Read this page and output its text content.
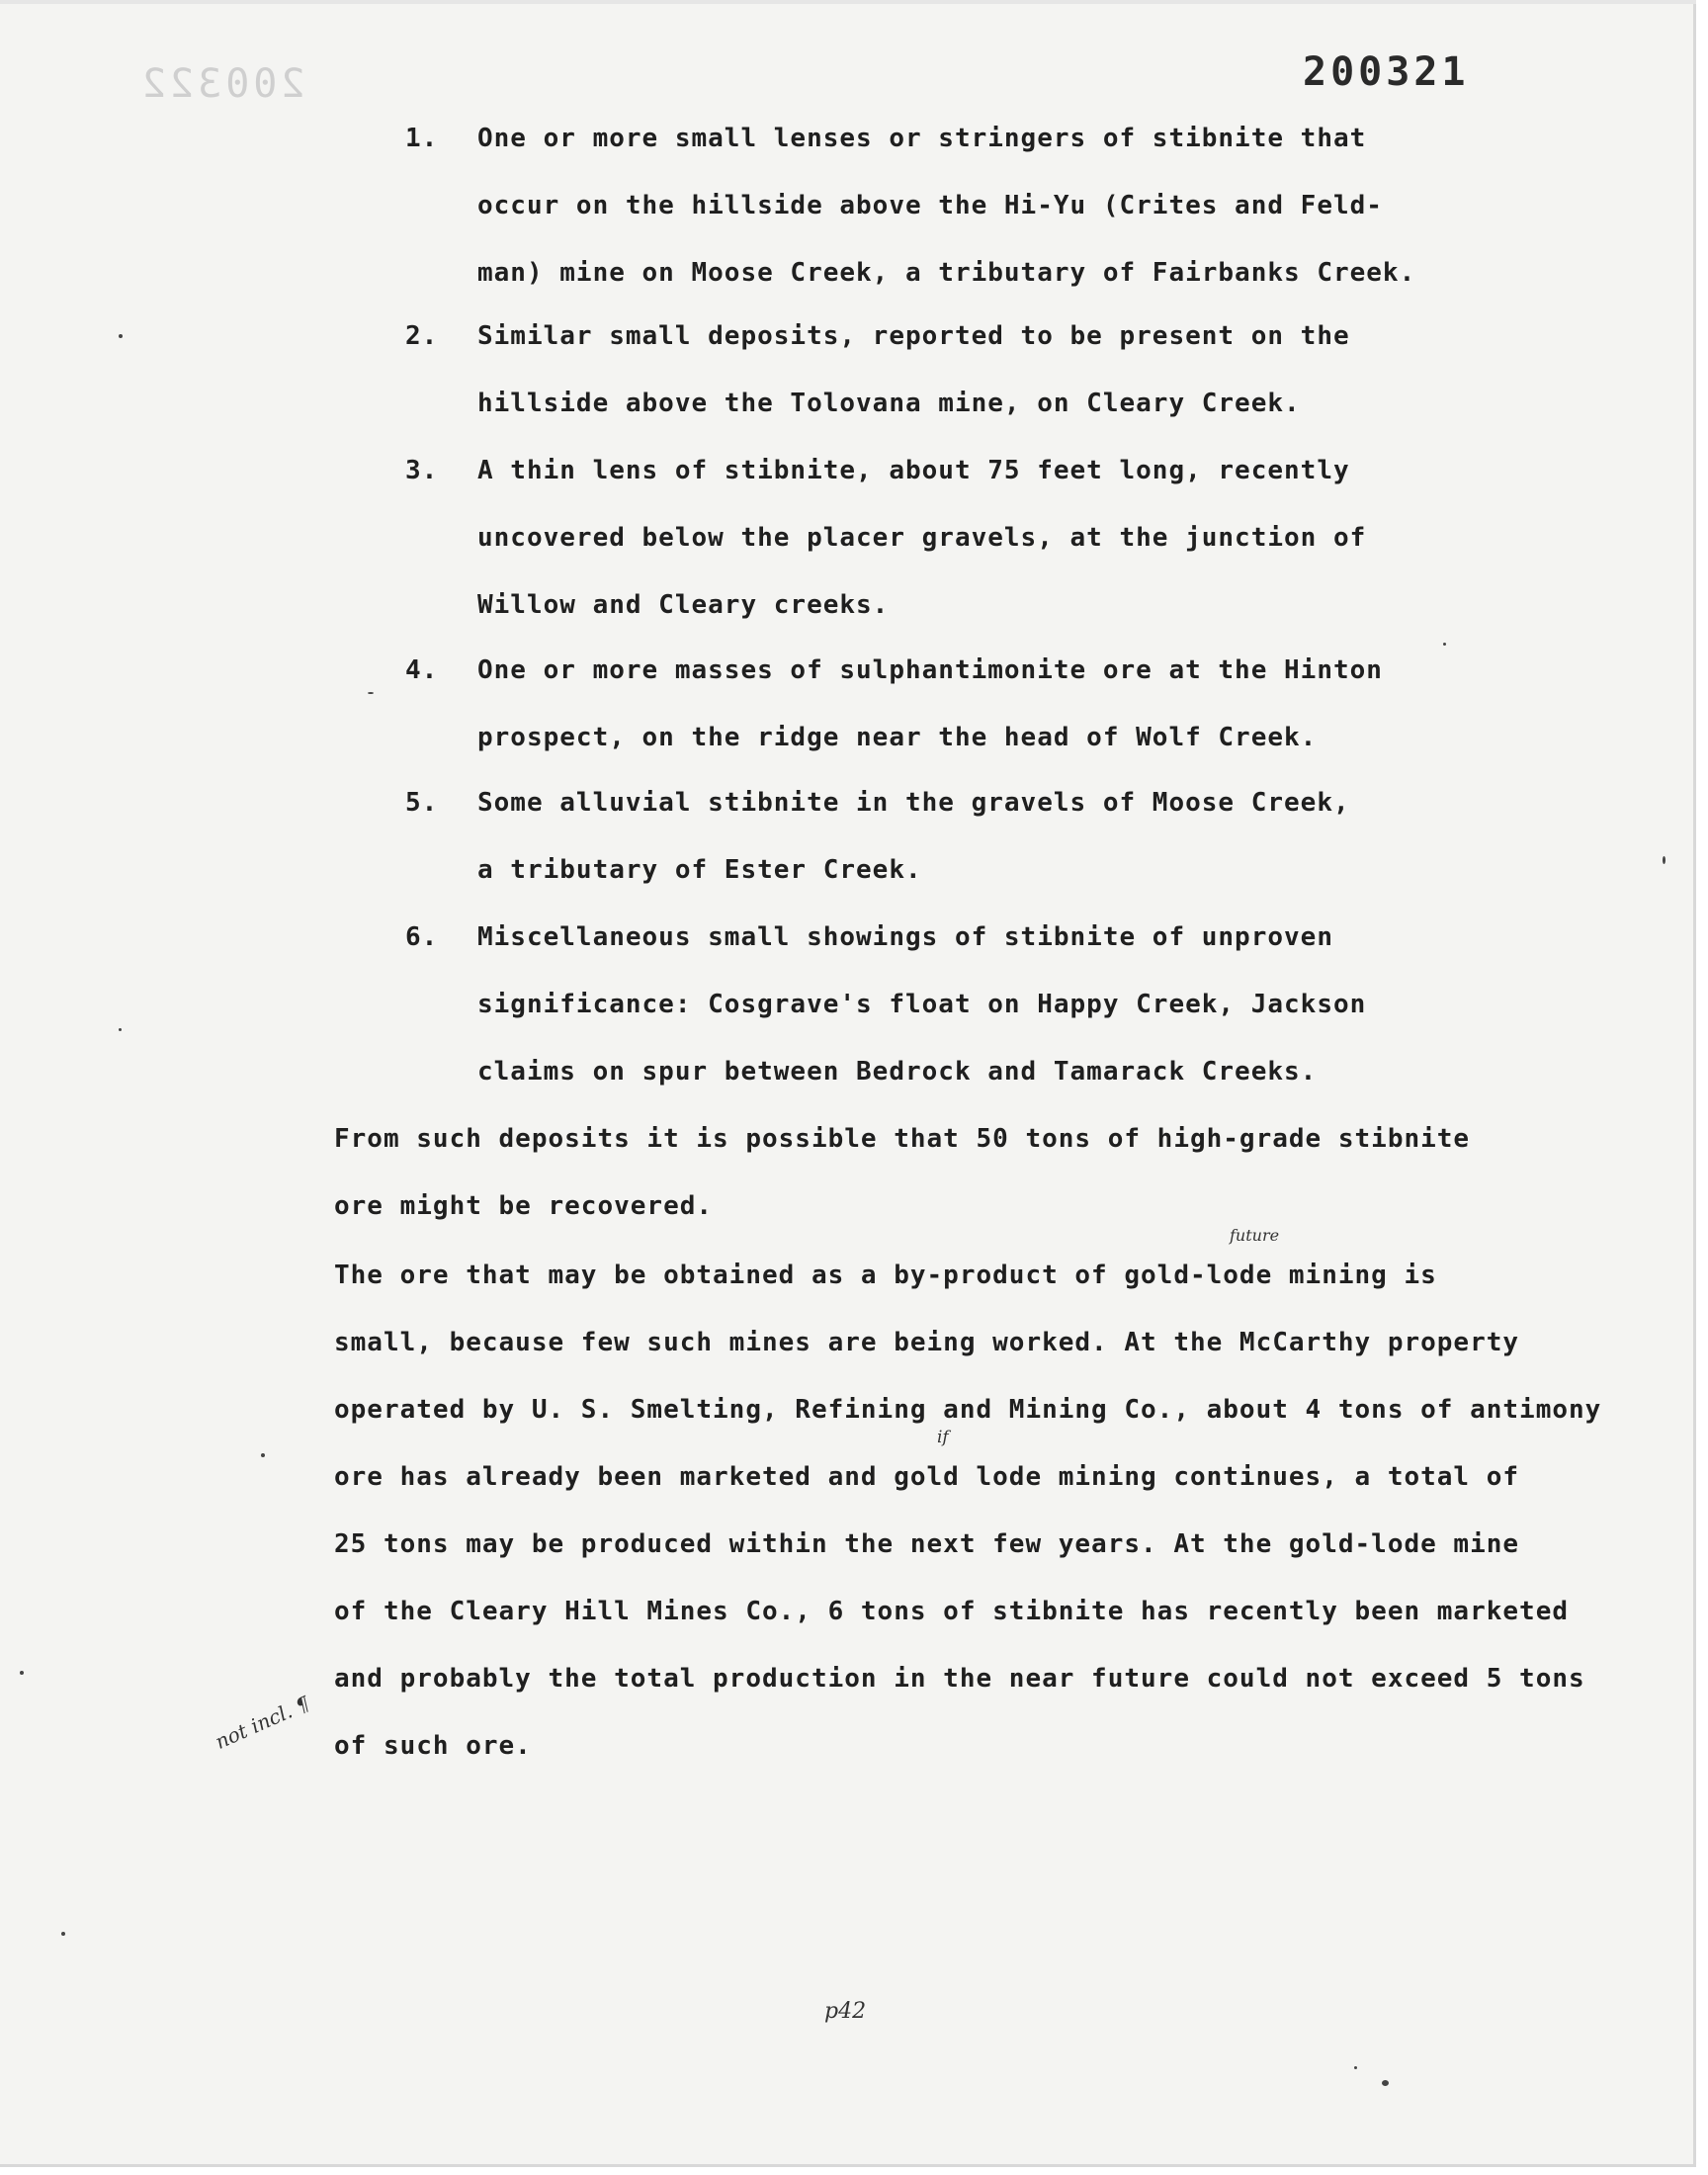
200322	200321
1.	One or more small lenses or stringers of stibnite that
occur on the hillside above the Hi-Yu (Crites and Feld-
man) mine on Moose Creek, a tributary of Fairbanks Creek.
2.	Similar small deposits, reported to be present on the
hillside above the Tolovana mine, on Cleary Creek.
3.	A thin lens of stibnite, about 75 feet long, recently
uncovered below the placer gravels, at the junction of
Willow and Cleary creeks.
4.	One or more masses of sulphantimonite ore at the Hinton
prospect, on the ridge near the head of Wolf Creek.
5.	Some alluvial stibnite in the gravels of Moose Creek,
a tributary of Ester Creek.
6.	Miscellaneous small showings of stibnite of unproven
significance: Cosgrave's float on Happy Creek, Jackson
claims on spur between Bedrock and Tamarack Creeks.
From such deposits it is possible that 50 tons of high-grade stibnite
ore might be recovered.
The ore that may be obtained as a by-product of gold-lode mining is
small, because few such mines are being worked. At the McCarthy property
operated by U. S. Smelting, Refining and Mining Co., about 4 tons of antimony
ore has already been marketed and gold lode mining continues, a total of
25 tons may be produced within the next few years. At the gold-lode mine
of the Cleary Hill Mines Co., 6 tons of stibnite has recently been marketed
and probably the total production in the near future could not exceed 5 tons
of such ore.
future
if
not incl. ¶
p42
